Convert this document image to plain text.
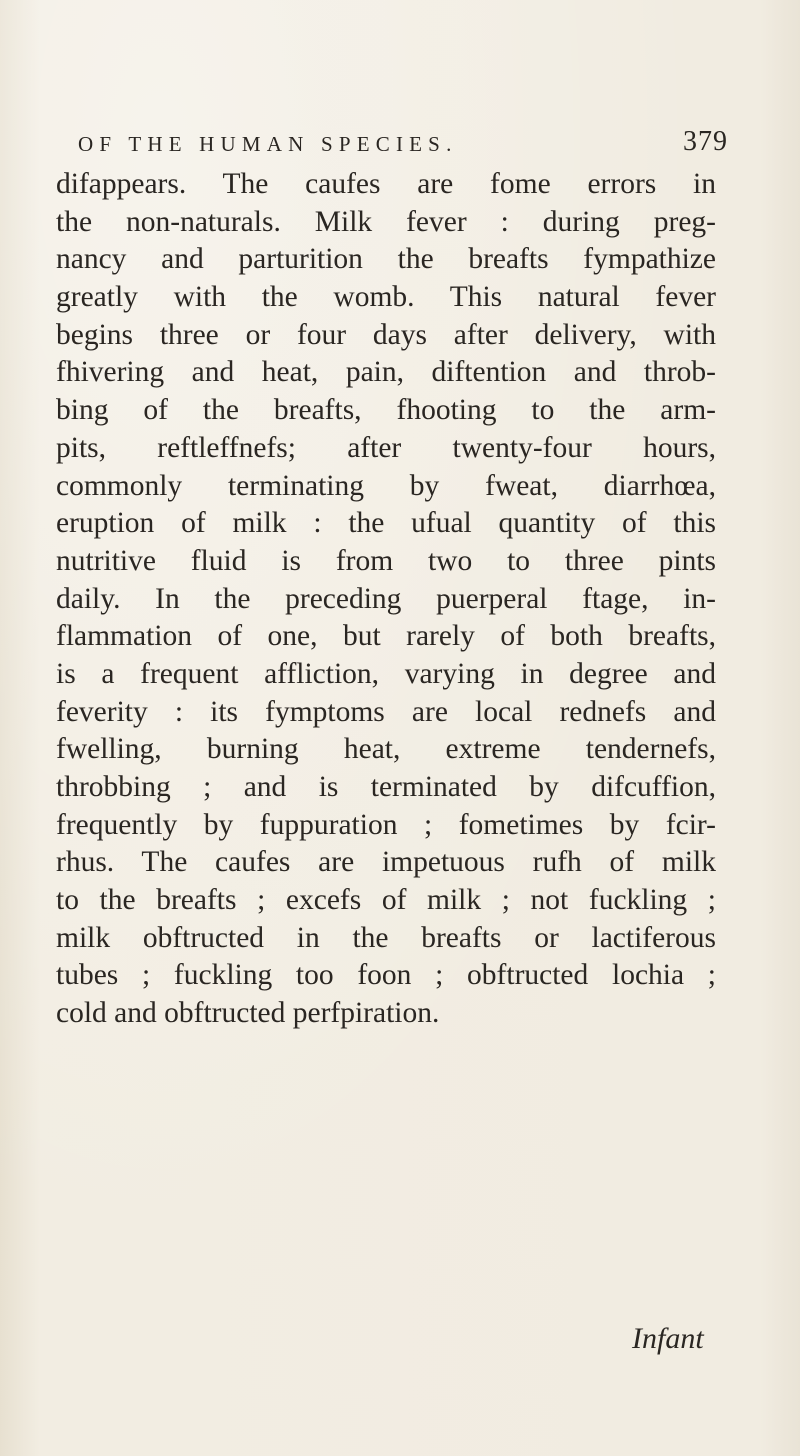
OF THE HUMAN SPECIES.	379
difappears. The caufes are fome errors in
the non-naturals. Milk fever : during preg-
nancy and parturition the breafts fympathize
greatly with the womb. This natural fever
begins three or four days after delivery, with
fhivering and heat, pain, diftention and throb-
bing of the breafts, fhooting to the arm-
pits, reftleffnefs; after twenty-four hours,
commonly terminating by fweat, diarrhœa,
eruption of milk : the ufual quantity of this
nutritive fluid is from two to three pints
daily. In the preceding puerperal ftage, in-
flammation of one, but rarely of both breafts,
is a frequent affliction, varying in degree and
feverity : its fymptoms are local rednefs and
fwelling, burning heat, extreme tendernefs,
throbbing ; and is terminated by difcuffion,
frequently by fuppuration ; fometimes by fcir-
rhus. The caufes are impetuous rufh of milk
to the breafts ; excefs of milk ; not fuckling ;
milk obftructed in the breafts or lactiferous
tubes ; fuckling too foon ; obftructed lochia ;
cold and obftructed perfpiration.
Infant
